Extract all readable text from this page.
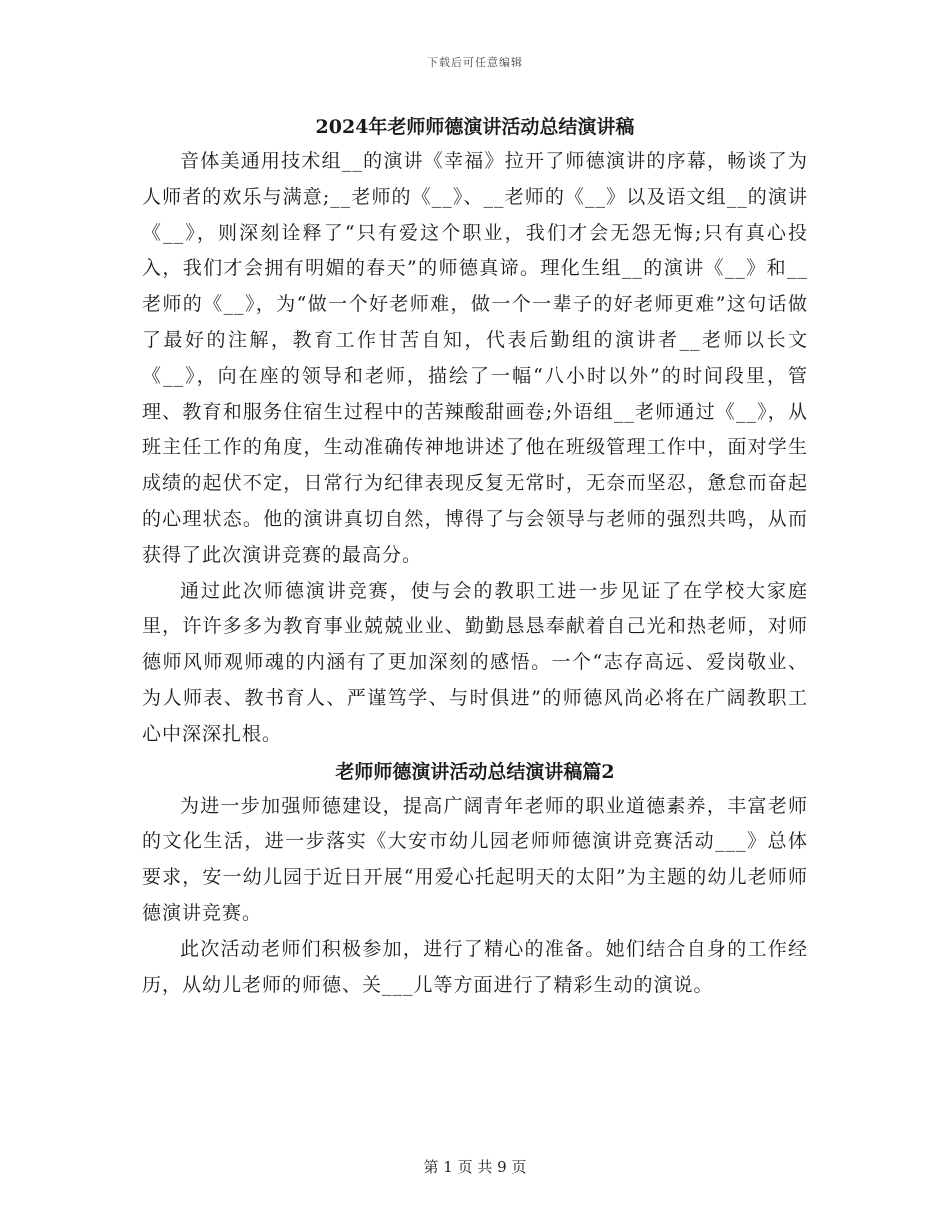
下载后可任意编辑
2024年老师师德演讲活动总结演讲稿

音体美通用技术组__的演讲《幸福》拉开了师德演讲的序幕，畅谈了为人师者的欢乐与满意;__老师的《__》、__老师的《__》以及语文组__的演讲《__》，则深刻诠释了“只有爱这个职业，我们才会无怨无悔;只有真心投入，我们才会拥有明媚的春天”的师德真谛。理化生组__的演讲《__》和__老师的《__》，为“做一个好老师难，做一个一辈子的好老师更难”这句话做了最好的注解，教育工作甘苦自知，代表后勤组的演讲者__老师以长文《__》，向在座的领导和老师，描绘了一幅“八小时以外”的时间段里，管理、教育和服务住宿生过程中的苦辣酸甜画卷;外语组__老师通过《__》，从班主任工作的角度，生动准确传神地讲述了他在班级管理工作中，面对学生成绩的起伏不定，日常行为纪律表现反复无常时，无奈而坚忍，惫怠而奋起的心理状态。他的演讲真切自然，博得了与会领导与老师的强烈共鸣，从而获得了此次演讲竞赛的最高分。

通过此次师德演讲竞赛，使与会的教职工进一步见证了在学校大家庭里，许许多多为教育事业兢兢业业、勤勤恳恳奉献着自己光和热老师，对师德师风师观师魂的内涵有了更加深刻的感悟。一个“志存高远、爱岗敬业、为人师表、教书育人、严谨笃学、与时俱进”的师德风尚必将在广阔教职工心中深深扎根。

老师师德演讲活动总结演讲稿篇2

为进一步加强师德建设，提高广阔青年老师的职业道德素养，丰富老师的文化生活，进一步落实《大安市幼儿园老师师德演讲竞赛活动___》总体要求，安一幼儿园于近日开展“用爱心托起明天的太阳”为主题的幼儿老师师德演讲竞赛。

此次活动老师们积极参加，进行了精心的准备。她们结合自身的工作经历，从幼儿老师的师德、关___儿等方面进行了精彩生动的演说。

第 1 页 共 9 页
